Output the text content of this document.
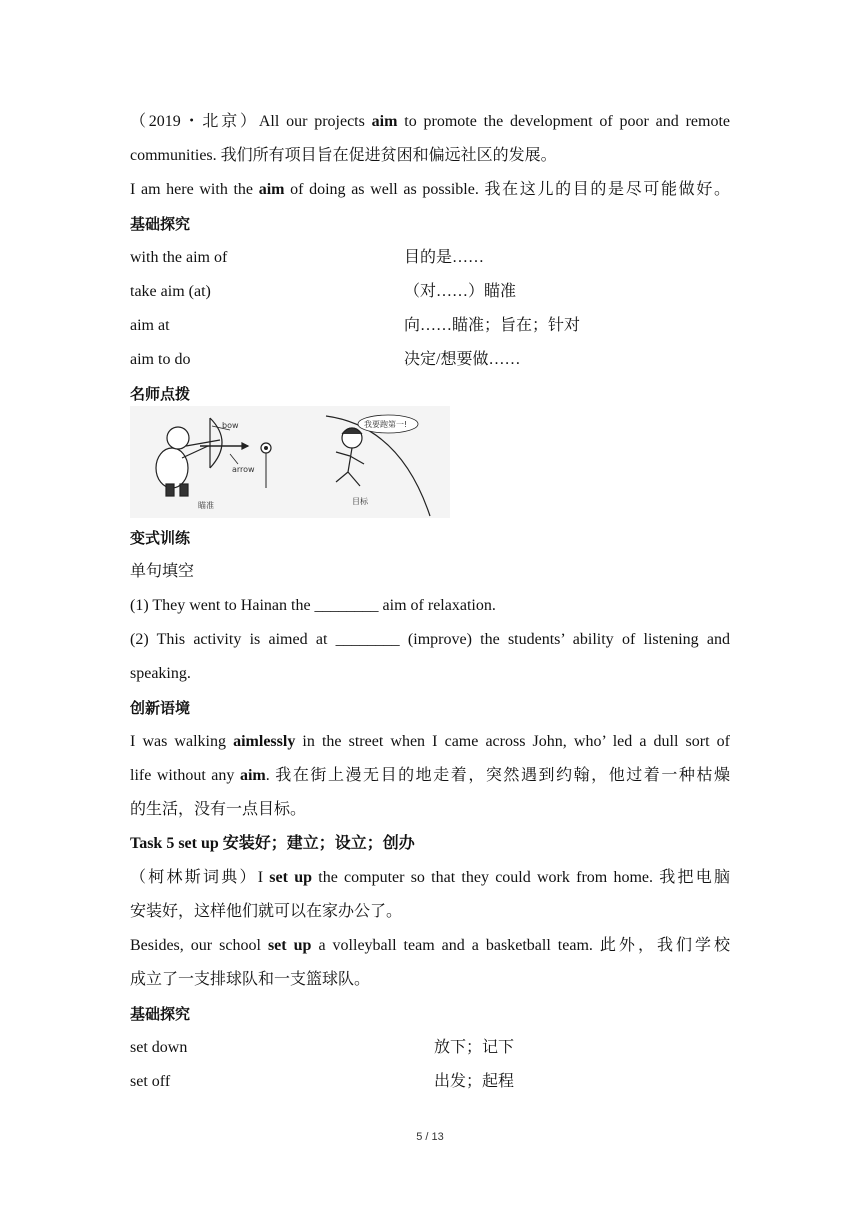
（2019・北京）All our projects aim to promote the development of poor and remote
communities. 我们所有项目旨在促进贫困和偏远社区的发展。
I am here with the aim of doing as well as possible. 我在这儿的目的是尽可能做好。
基础探究
with the aim of	目的是……
take aim (at)	（对……）瞄准
aim at	向……瞄准；旨在；针对
aim to do	决定/想要做……
名师点拨
bow
arrow
瞄准
我要跑第一!
目标
变式训练
单句填空
(1) They went to Hainan the ________ aim of relaxation.
(2) This activity is aimed at ________ (improve) the students’ ability of listening and
speaking.
创新语境
I was walking aimlessly in the street when I came across John, who’ led a dull sort of
life without any aim. 我在街上漫无目的地走着，突然遇到约翰，他过着一种枯燥
的生活，没有一点目标。
Task 5 set up 安装好；建立；设立；创办
（柯林斯词典）I set up the computer so that they could work from home. 我把电脑
安装好，这样他们就可以在家办公了。
Besides, our school set up a volleyball team and a basketball team. 此外，我们学校
成立了一支排球队和一支篮球队。
基础探究
set down	放下；记下
set off	出发；起程
5 / 13
